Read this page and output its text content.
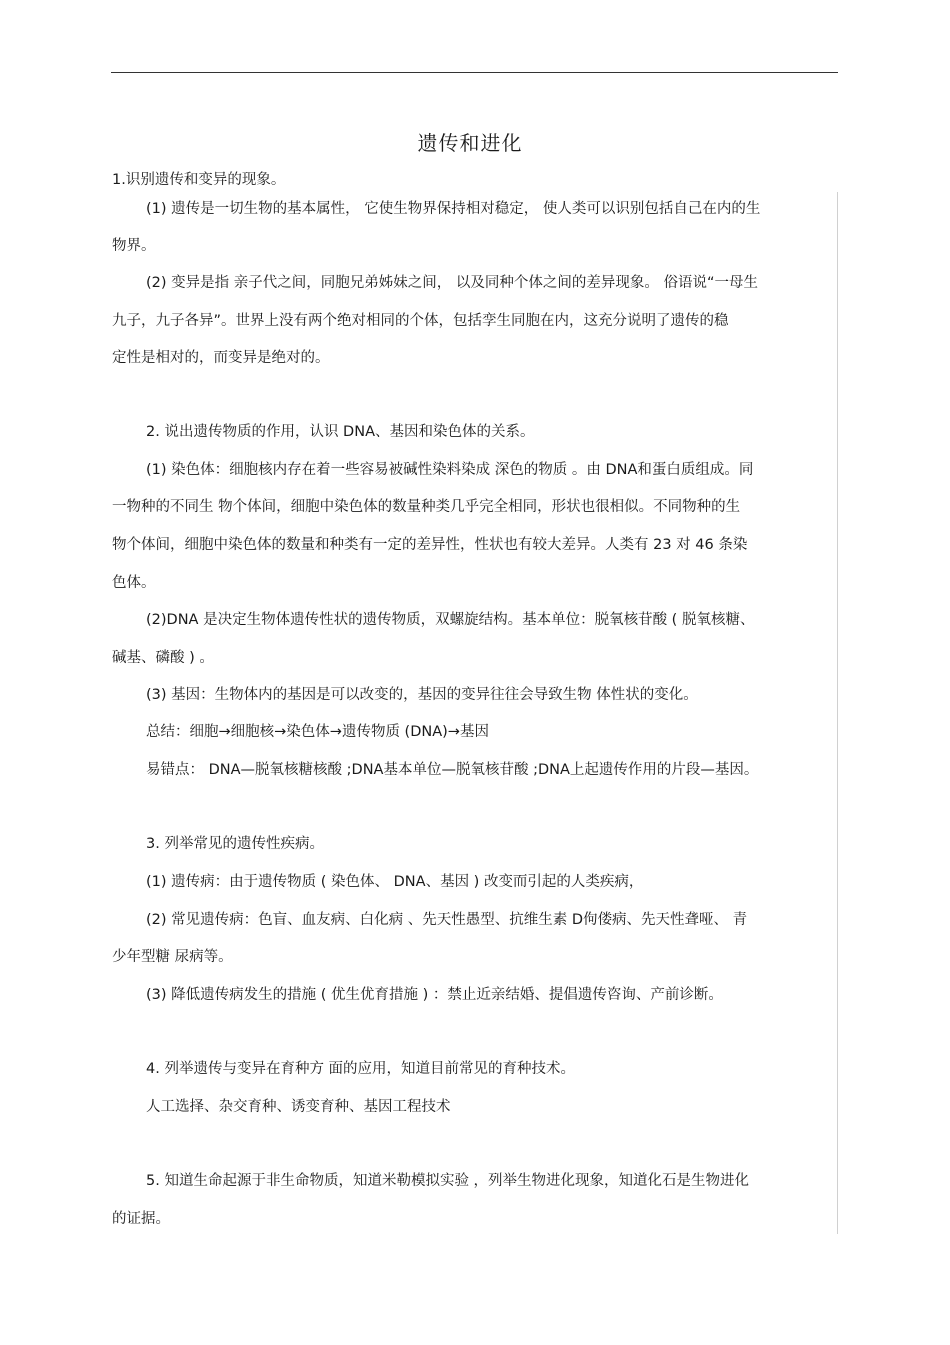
遗传和进化
1.识别遗传和变异的现象。
(1) 遗传是一切生物的基本属性， 它使生物界保持相对稳定， 使人类可以识别包括自己在内的生
物界。
(2) 变异是指 亲子代之间，同胞兄弟姊妹之间， 以及同种个体之间的差异现象。 俗语说“一母生
九子，九子各异”。世界上没有两个绝对相同的个体，包括孪生同胞在内，这充分说明了遗传的稳
定性是相对的，而变异是绝对的。
2. 说出遗传物质的作用，认识 DNA、基因和染色体的关系。
(1) 染色体：细胞核内存在着一些容易被碱性染料染成 深色的物质 。由 DNA和蛋白质组成。同
一物种的不同生 物个体间，细胞中染色体的数量种类几乎完全相同，形状也很相似。不同物种的生
物个体间，细胞中染色体的数量和种类有一定的差异性，性状也有较大差异。人类有 23 对 46 条染
色体。
(2)DNA 是决定生物体遗传性状的遗传物质，双螺旋结构。基本单位：脱氧核苷酸 ( 脱氧核糖、
碱基、磷酸 ) 。
(3) 基因：生物体内的基因是可以改变的，基因的变异往往会导致生物 体性状的变化。
总结：细胞→细胞核→染色体→遗传物质 (DNA)→基因
易错点： DNA—脱氧核糖核酸 ;DNA基本单位—脱氧核苷酸 ;DNA上起遗传作用的片段—基因。
3. 列举常见的遗传性疾病。
(1) 遗传病：由于遗传物质 ( 染色体、 DNA、基因 ) 改变而引起的人类疾病，
(2) 常见遗传病：色盲、血友病、白化病 、先天性愚型、抗维生素 D佝偻病、先天性聋哑、 青
少年型糖 尿病等。
(3) 降低遗传病发生的措施 ( 优生优育措施 ) ：禁止近亲结婚、提倡遗传咨询、产前诊断。
4. 列举遗传与变异在育种方 面的应用，知道目前常见的育种技术。
人工选择、杂交育种、诱变育种、基因工程技术
5. 知道生命起源于非生命物质，知道米勒模拟实验 ，列举生物进化现象，知道化石是生物进化
的证据。
